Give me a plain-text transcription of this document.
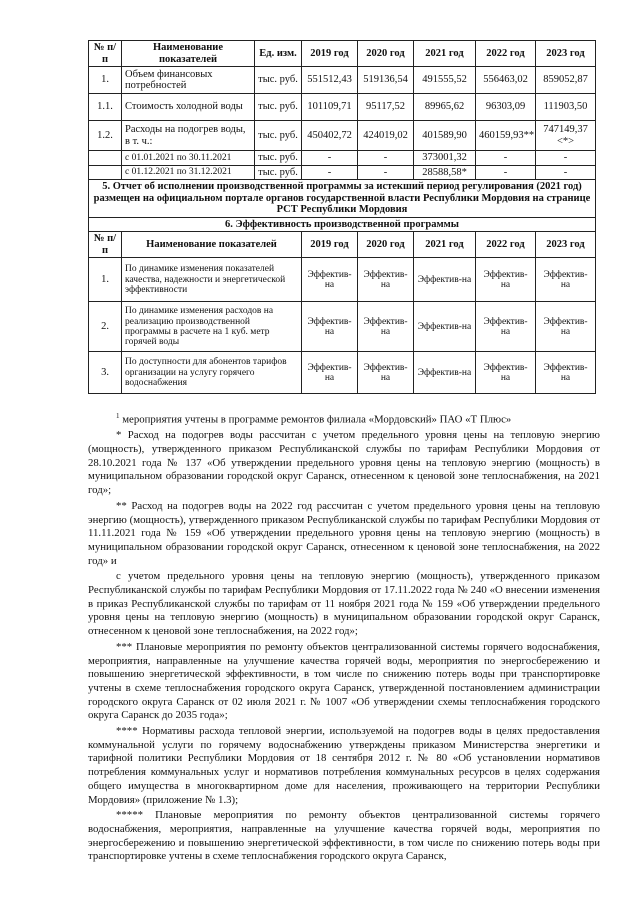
№ п/п	Наименование показателей	Ед. изм.	2019 год	2020 год	2021 год	2022 год	2023 год
1.	Объем финансовых потребностей	тыс. руб.	551512,43	519136,54	491555,52	556463,02	859052,87
1.1.	Стоимость холодной воды	тыс. руб.	101109,71	95117,52	89965,62	96303,09	111903,50
1.2.	Расходы на подогрев воды, в т. ч.:	тыс. руб.	450402,72	424019,02	401589,90	460159,93**	747149,37 <*>
	с 01.01.2021 по 30.11.2021	тыс. руб.	-	-	373001,32	-	-
	с 01.12.2021 по 31.12.2021	тыс. руб.	-	-	28588,58*	-	-
5. Отчет об исполнении производственной программы за истекший период регулирования (2021 год) размещен на официальном портале органов государственной власти Республики Мордовия на странице РСТ Республики Мордовия							
6. Эффективность производственной программы							
№ п/п	Наименование показателей		2019 год	2020 год	2021 год	2022 год	2023 год
1.	По динамике изменения показателей качества, надежности и энергетической эффективности		Эффектив-на	Эффектив-на	Эффектив-на	Эффектив-на	Эффектив-на
2.	По динамике изменения расходов на реализацию производственной программы в расчете на 1 куб. метр горячей воды		Эффектив-на	Эффектив-на	Эффектив-на	Эффектив-на	Эффектив-на
3.	По доступности для абонентов тарифов организации на услугу горячего водоснабжения		Эффектив-на	Эффектив-на	Эффектив-на	Эффектив-на	Эффектив-на

$^1$ мероприятия учтены в программе ремонтов филиала «Мордовский» ПАО «Т Плюс»

* Расход на подогрев воды рассчитан с учетом предельного уровня цены на тепловую энергию (мощность), утвержденного приказом Республиканской службы по тарифам Республики Мордовия от 28.10.2021 года № 137 «Об утверждении предельного уровня цены на тепловую энергию (мощность) в муниципальном образовании городской округ Саранск, отнесенном к ценовой зоне теплоснабжения, на 2021 год»;

** Расход на подогрев воды на 2022 год рассчитан с учетом предельного уровня цены на тепловую энергию (мощность), утвержденного приказом Республиканской службы по тарифам Республики Мордовия от 11.11.2021 года № 159 «Об утверждении предельного уровня цены на тепловую энергию (мощность) в муниципальном образовании городской округ Саранск, отнесенном к ценовой зоне теплоснабжения, на 2022 год» и

с учетом предельного уровня цены на тепловую энергию (мощность), утвержденного приказом Республиканской службы по тарифам Республики Мордовия от 17.11.2022 года № 240 «О внесении изменения в приказ Республиканской службы по тарифам от 11 ноября 2021 года № 159 «Об утверждении предельного уровня цены на тепловую энергию (мощность) в муниципальном образовании городской округ Саранск, отнесенном к ценовой зоне теплоснабжения, на 2022 год»;

*** Плановые мероприятия по ремонту объектов централизованной системы горячего водоснабжения, мероприятия, направленные на улучшение качества горячей воды, мероприятия по энергосбережению и повышению энергетической эффективности, в том числе по снижению потерь воды при транспортировке учтены в схеме теплоснабжения городского округа Саранск, утвержденной постановлением администрации городского округа Саранск от 02 июля 2021 г. № 1007 «Об утверждении схемы теплоснабжения городского округа Саранск до 2035 года»;

**** Нормативы расхода тепловой энергии, используемой на подогрев воды в целях предоставления коммунальной услуги по горячему водоснабжению утверждены приказом Министерства энергетики и тарифной политики Республики Мордовия от 18 сентября 2012 г. № 80 «Об установлении нормативов потребления коммунальных услуг и нормативов потребления коммунальных ресурсов в целях содержания общего имущества в многоквартирном доме для населения, проживающего на территории Республики Мордовия» (приложение № 1.3);

***** Плановые мероприятия по ремонту объектов централизованной системы горячего водоснабжения, мероприятия, направленные на улучшение качества горячей воды, мероприятия по энергосбережению и повышению энергетической эффективности, в том числе по снижению потерь воды при транспортировке учтены в схеме теплоснабжения городского округа Саранск,
